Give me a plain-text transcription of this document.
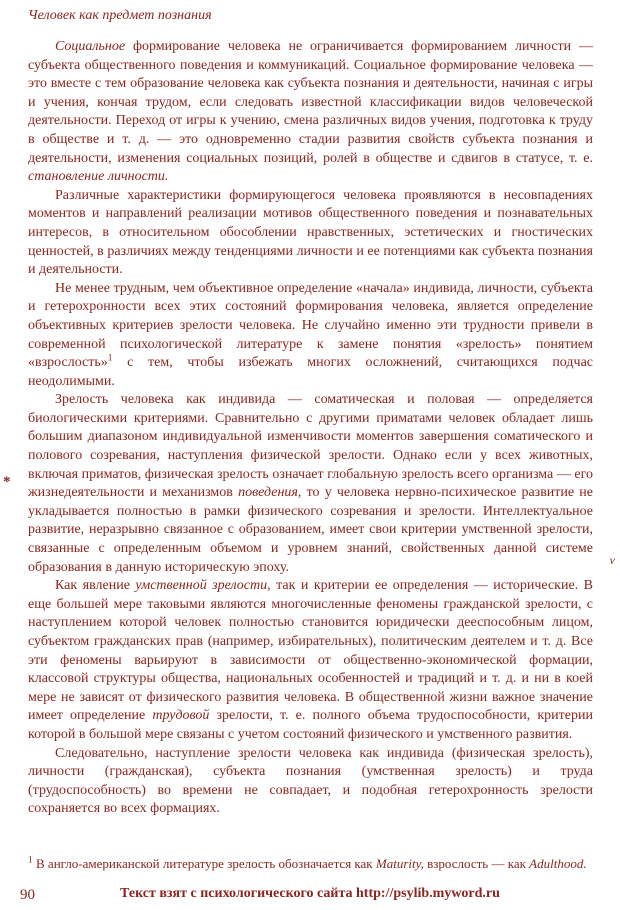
*
v

Человек как предмет познания

Социальное формирование человека не ограничивается формированием личности — субъекта общественного поведения и коммуникаций. Социальное формирование человека — это вместе с тем образование человека как субъекта познания и деятельности, начиная с игры и учения, кончая трудом, если следовать известной классификации видов человеческой деятельности. Переход от игры к учению, смена различных видов учения, подготовка к труду в обществе и т. д. — это одновременно стадии развития свойств субъекта познания и деятельности, изменения социальных позиций, ролей в обществе и сдвигов в статусе, т. е. становление личности.

Различные характеристики формирующегося человека проявляются в несовпадениях моментов и направлений реализации мотивов общественного поведения и познавательных интересов, в относительном обособлении нравственных, эстетических и гностических ценностей, в различиях между тенденциями личности и ее потенциями как субъекта познания и деятельности.

Не менее трудным, чем объективное определение «начала» индивида, личности, субъекта и гетерохронности всех этих состояний формирования человека, является определение объективных критериев зрелости человека. Не случайно именно эти трудности привели в современной психологической литературе к замене понятия «зрелость» понятием «взрослость»$^1$ с тем, чтобы избежать многих осложнений, считающихся подчас неодолимыми.

Зрелость человека как индивида — соматическая и половая — определяется биологическими критериями. Сравнительно с другими приматами человек обладает лишь большим диапазоном индивидуальной изменчивости моментов завершения соматического и полового созревания, наступления физической зрелости. Однако если у всех животных, включая приматов, физическая зрелость означает глобальную зрелость всего организма — его жизнедеятельности и механизмов поведения, то у человека нервно-психическое развитие не укладывается полностью в рамки физического созревания и зрелости. Интеллектуальное развитие, неразрывно связанное с образованием, имеет свои критерии умственной зрелости, связанные с определенным объемом и уровнем знаний, свойственных данной системе образования в данную историческую эпоху.

Как явление умственной зрелости, так и критерии ее определения — исторические. В еще большей мере таковыми являются многочисленные феномены гражданской зрелости, с наступлением которой человек полностью становится юридически дееспособным лицом, субъектом гражданских прав (например, избирательных), политическим деятелем и т. д. Все эти феномены варьируют в зависимости от общественно-экономической формации, классовой структуры общества, национальных особенностей и традиций и т. д. и ни в коей мере не зависят от физического развития человека. В общественной жизни важное значение имеет определение трудовой зрелости, т. е. полного объема трудоспособности, критерии которой в большой мере связаны с учетом состояний физического и умственного развития.

Следовательно, наступление зрелости человека как индивида (физическая зрелость), личности (гражданская), субъекта познания (умственная зрелость) и труда (трудоспособность) во времени не совпадает, и подобная гетерохронность зрелости сохраняется во всех формациях.

$^1$ В англо-американской литературе зрелость обозначается как Maturity, взрослость — как Adulthood.

Текст взят с психологического сайта http://psylib.myword.ru
90
